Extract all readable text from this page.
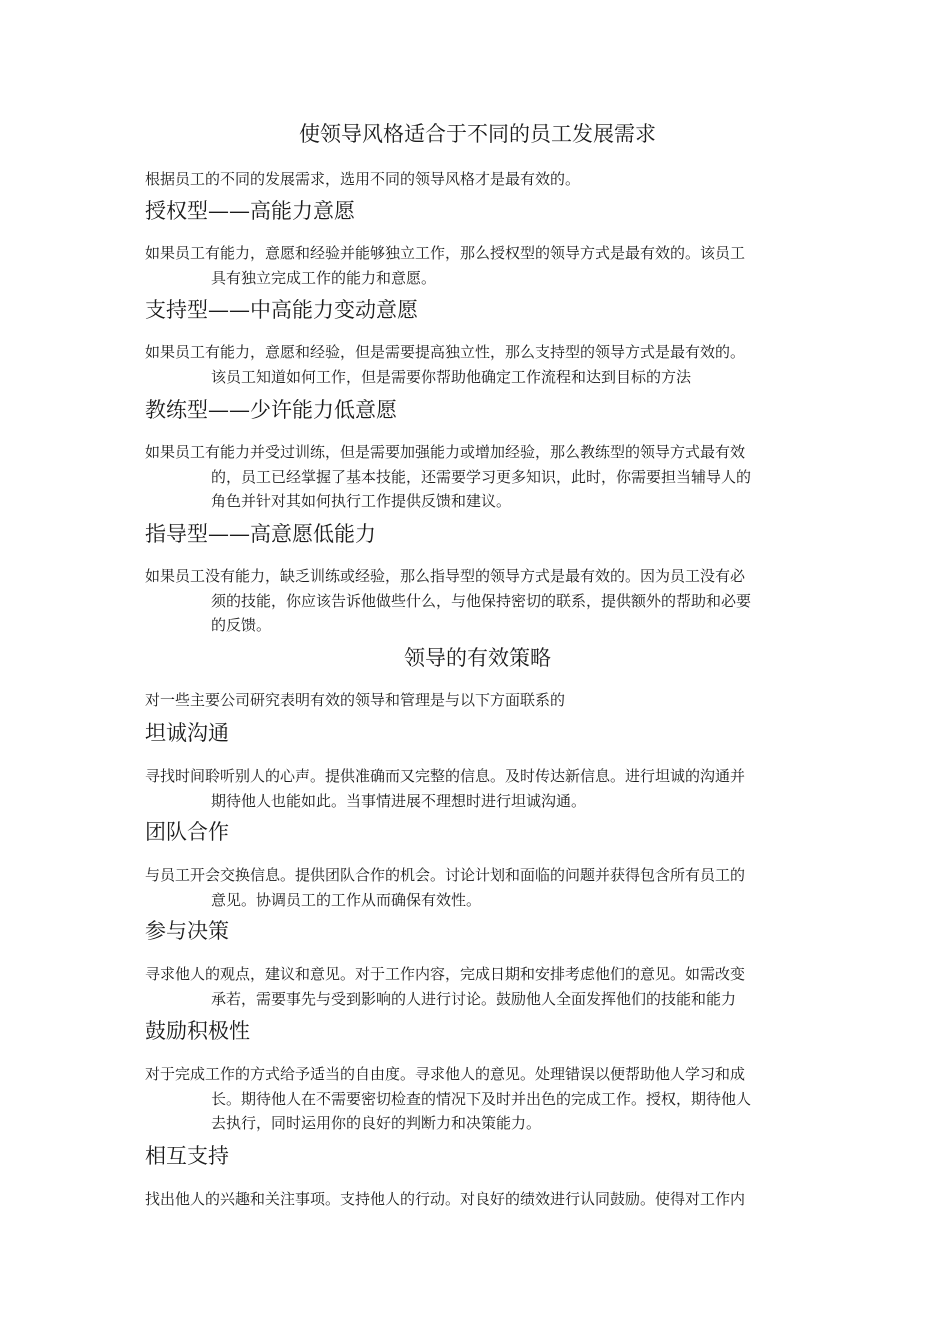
使领导风格适合于不同的员工发展需求
根据员工的不同的发展需求，选用不同的领导风格才是最有效的。
授权型——高能力意愿
如果员工有能力，意愿和经验并能够独立工作，那么授权型的领导方式是最有效的。该员工
具有独立完成工作的能力和意愿。
支持型——中高能力变动意愿
如果员工有能力，意愿和经验，但是需要提高独立性，那么支持型的领导方式是最有效的。
该员工知道如何工作，但是需要你帮助他确定工作流程和达到目标的方法
教练型——少许能力低意愿
如果员工有能力并受过训练，但是需要加强能力或增加经验，那么教练型的领导方式最有效
的，员工已经掌握了基本技能，还需要学习更多知识，此时，你需要担当辅导人的
角色并针对其如何执行工作提供反馈和建议。
指导型——高意愿低能力
如果员工没有能力，缺乏训练或经验，那么指导型的领导方式是最有效的。因为员工没有必
须的技能，你应该告诉他做些什么，与他保持密切的联系，提供额外的帮助和必要
的反馈。
领导的有效策略
对一些主要公司研究表明有效的领导和管理是与以下方面联系的
坦诚沟通
寻找时间聆听别人的心声。提供准确而又完整的信息。及时传达新信息。进行坦诚的沟通并
期待他人也能如此。当事情进展不理想时进行坦诚沟通。
团队合作
与员工开会交换信息。提供团队合作的机会。讨论计划和面临的问题并获得包含所有员工的
意见。协调员工的工作从而确保有效性。
参与决策
寻求他人的观点，建议和意见。对于工作内容，完成日期和安排考虑他们的意见。如需改变
承若，需要事先与受到影响的人进行讨论。鼓励他人全面发挥他们的技能和能力
鼓励积极性
对于完成工作的方式给予适当的自由度。寻求他人的意见。处理错误以便帮助他人学习和成
长。期待他人在不需要密切检查的情况下及时并出色的完成工作。授权，期待他人
去执行，同时运用你的良好的判断力和决策能力。
相互支持
找出他人的兴趣和关注事项。支持他人的行动。对良好的绩效进行认同鼓励。使得对工作内
